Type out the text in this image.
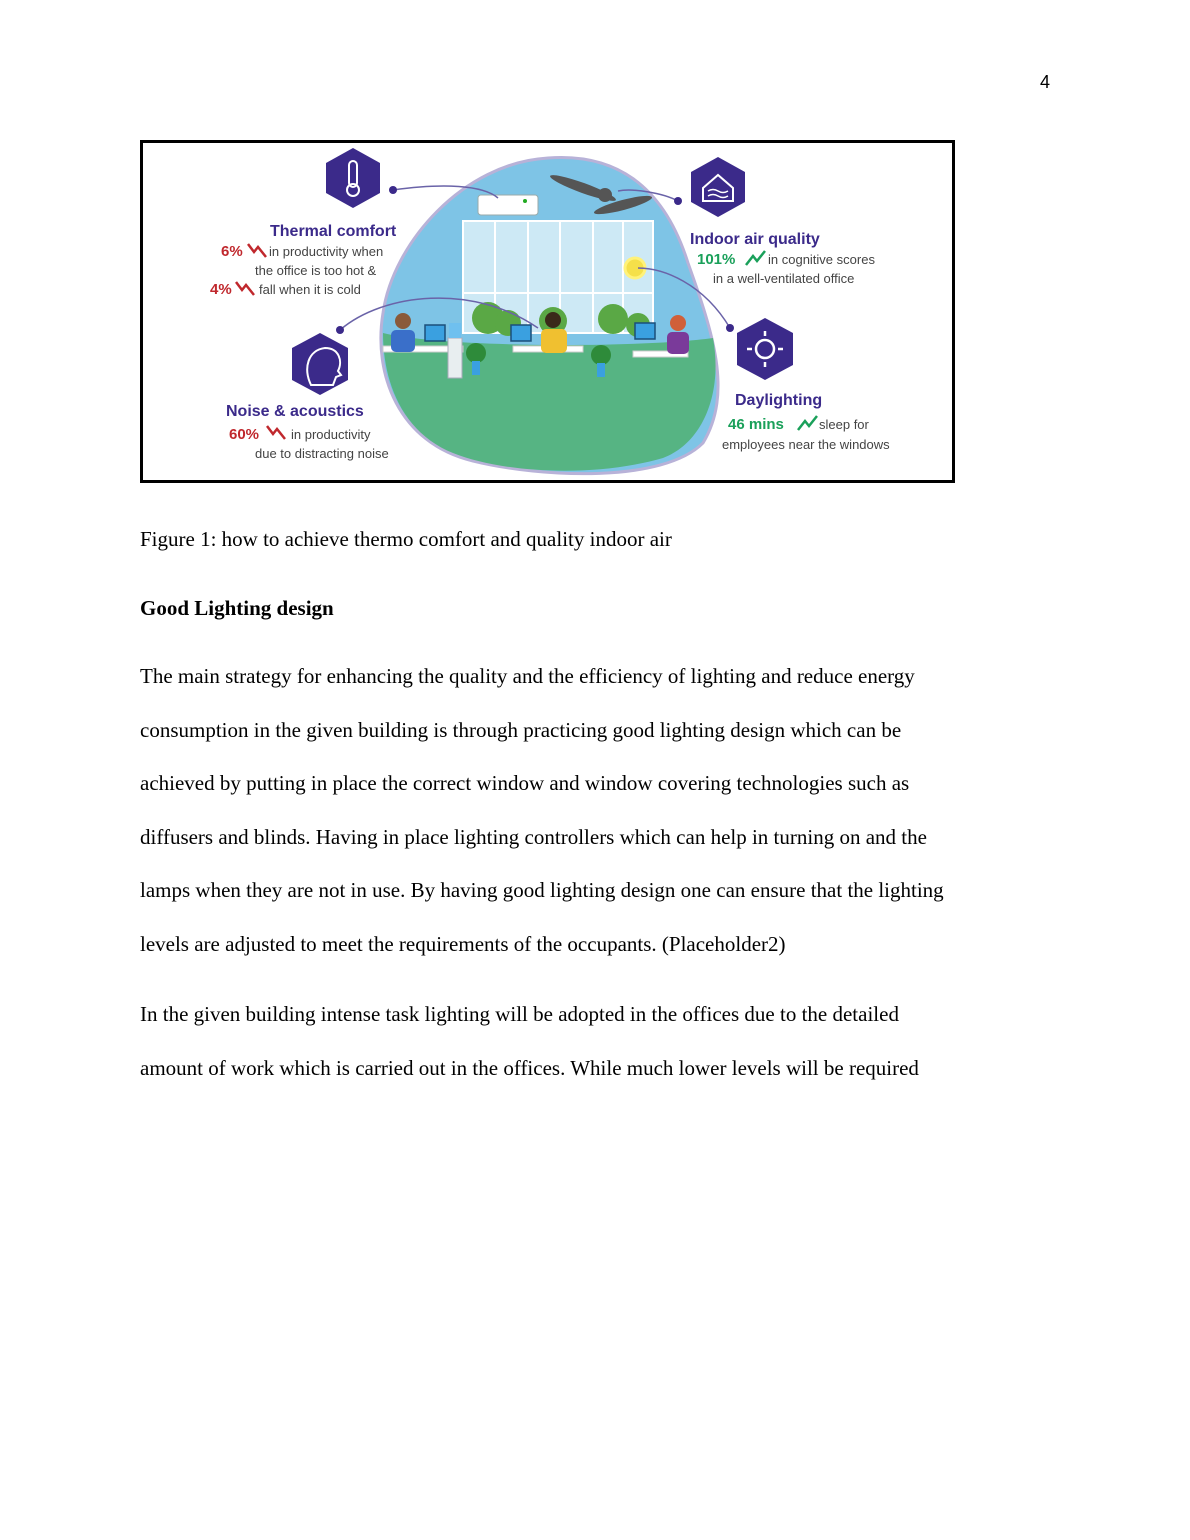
4
Thermal comfort
6% in productivity when
the office is too hot &
4% fall when it is cold
Indoor air quality
101%	in cognitive scores
in a well-ventilated office
Noise & acoustics
60% in productivity
due to distracting noise
Daylighting
46 mins	sleep for
employees near the windows
Figure 1: how to achieve thermo comfort and quality indoor air
Good Lighting design

The main strategy for enhancing the quality and the efficiency of lighting and reduce energy
consumption in the given building is through practicing good lighting design which can be
achieved by putting in place the correct window and window covering technologies such as
diffusers and blinds. Having in place lighting controllers which can help in turning on and the
lamps when they are not in use. By having good lighting design one can ensure that the lighting
levels are adjusted to meet the requirements of the occupants. (Placeholder2)

In the given building intense task lighting will be adopted in the offices due to the detailed
amount of work which is carried out in the offices. While much lower levels will be required
